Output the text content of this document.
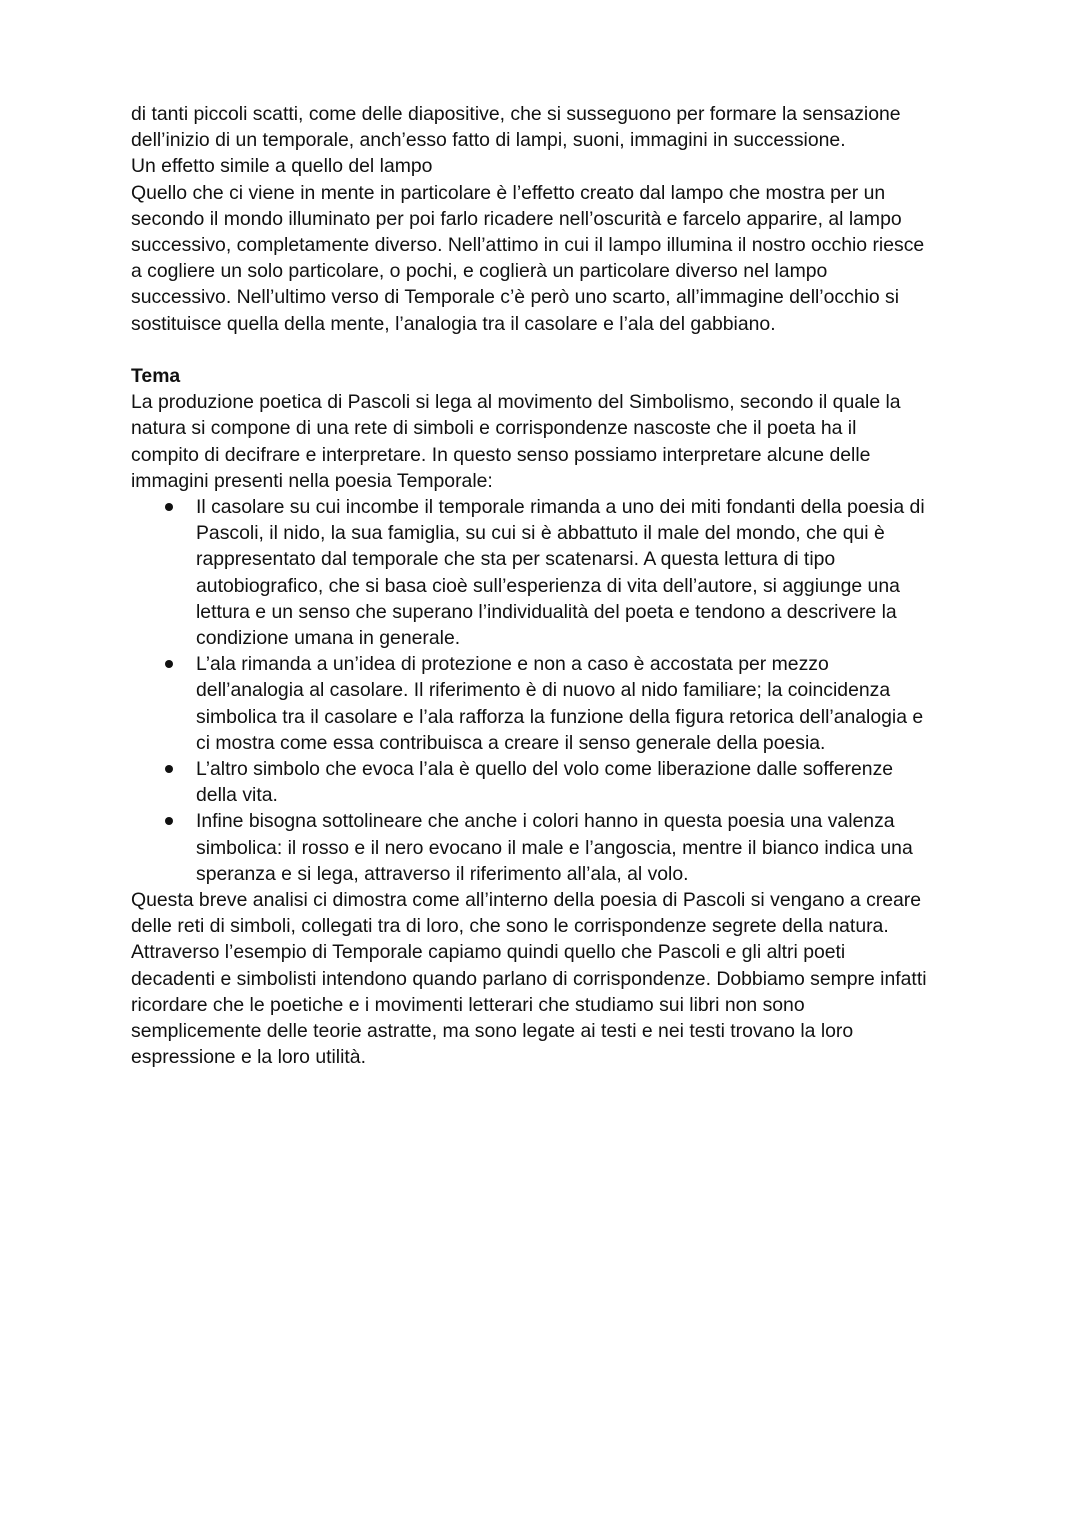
di tanti piccoli scatti, come delle diapositive, che si susseguono per formare la sensazione
dell’inizio di un temporale, anch’esso fatto di lampi, suoni, immagini in successione.
Un effetto simile a quello del lampo
Quello che ci viene in mente in particolare è l’effetto creato dal lampo che mostra per un
secondo il mondo illuminato per poi farlo ricadere nell’oscurità e farcelo apparire, al lampo
successivo, completamente diverso. Nell’attimo in cui il lampo illumina il nostro occhio riesce
a cogliere un solo particolare, o pochi, e coglierà un particolare diverso nel lampo
successivo. Nell’ultimo verso di Temporale c’è però uno scarto, all’immagine dell’occhio si
sostituisce quella della mente, l’analogia tra il casolare e l’ala del gabbiano.
Tema
La produzione poetica di Pascoli si lega al movimento del Simbolismo, secondo il quale la
natura si compone di una rete di simboli e corrispondenze nascoste che il poeta ha il
compito di decifrare e interpretare. In questo senso possiamo interpretare alcune delle
immagini presenti nella poesia Temporale:
Il casolare su cui incombe il temporale rimanda a uno dei miti fondanti della poesia di
Pascoli, il nido, la sua famiglia, su cui si è abbattuto il male del mondo, che qui è
rappresentato dal temporale che sta per scatenarsi. A questa lettura di tipo
autobiografico, che si basa cioè sull’esperienza di vita dell’autore, si aggiunge una
lettura e un senso che superano l’individualità del poeta e tendono a descrivere la
condizione umana in generale.
L’ala rimanda a un’idea di protezione e non a caso è accostata per mezzo
dell’analogia al casolare. Il riferimento è di nuovo al nido familiare; la coincidenza
simbolica tra il casolare e l’ala rafforza la funzione della figura retorica dell’analogia e
ci mostra come essa contribuisca a creare il senso generale della poesia.
L’altro simbolo che evoca l’ala è quello del volo come liberazione dalle sofferenze
della vita.
Infine bisogna sottolineare che anche i colori hanno in questa poesia una valenza
simbolica: il rosso e il nero evocano il male e l’angoscia, mentre il bianco indica una
speranza e si lega, attraverso il riferimento all’ala, al volo.
Questa breve analisi ci dimostra come all’interno della poesia di Pascoli si vengano a creare
delle reti di simboli, collegati tra di loro, che sono le corrispondenze segrete della natura.
Attraverso l’esempio di Temporale capiamo quindi quello che Pascoli e gli altri poeti
decadenti e simbolisti intendono quando parlano di corrispondenze. Dobbiamo sempre infatti
ricordare che le poetiche e i movimenti letterari che studiamo sui libri non sono
semplicemente delle teorie astratte, ma sono legate ai testi e nei testi trovano la loro
espressione e la loro utilità.
